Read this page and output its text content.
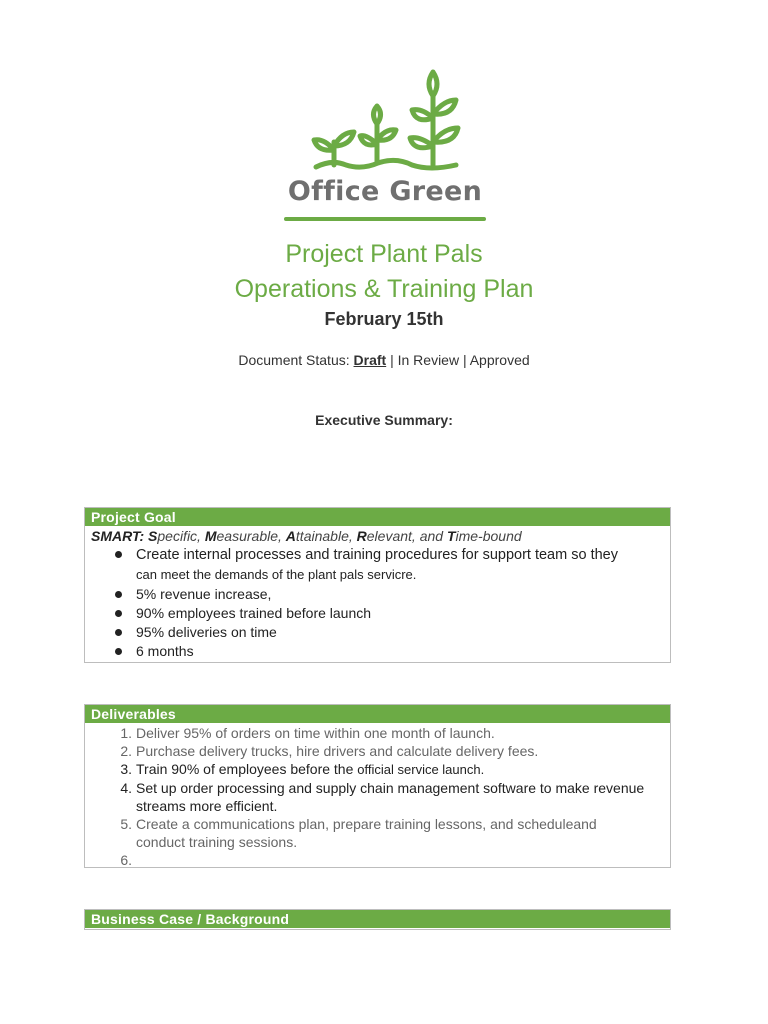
Office Green
Project Plant Pals
Operations & Training Plan
February 15th
Document Status: Draft | In Review | Approved
Executive Summary:
Project Goal
SMART: Specific, Measurable, Attainable, Relevant, and Time-bound
Create internal processes and training procedures for support team so they
can meet the demands of the plant pals servicre.
5% revenue increase,
90% employees trained before launch
95% deliveries on time
6 months
Deliverables
1. Deliver 95% of orders on time within one month of launch.
2. Purchase delivery trucks, hire drivers and calculate delivery fees.
3. Train 90% of employees before the official service launch.
4. Set up order processing and supply chain management software to make revenue streams more efficient.
5. Create a communications plan, prepare training lessons, and scheduleand conduct training sessions.
6.
Business Case / Background
